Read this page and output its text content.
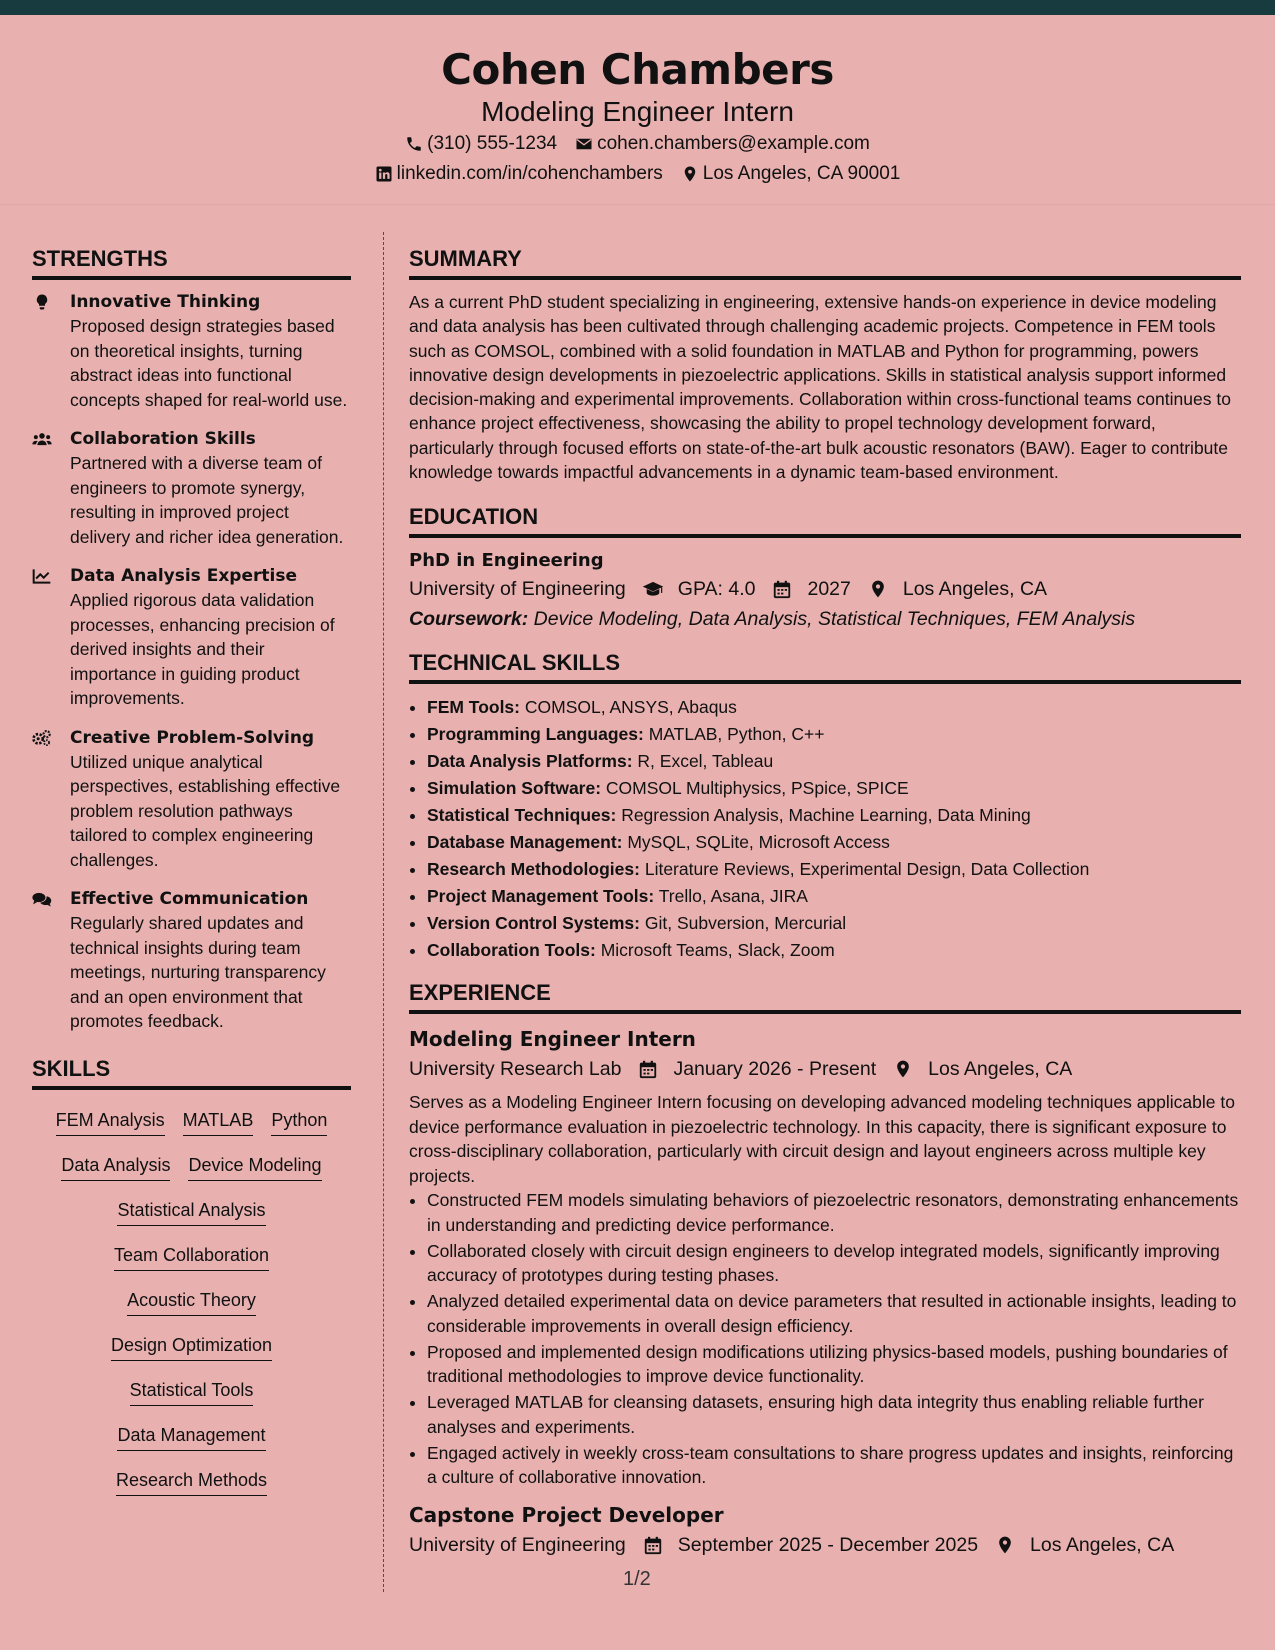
Cohen Chambers
Modeling Engineer Intern
(310) 555-1234 cohen.chambers@example.com
linkedin.com/in/cohenchambers Los Angeles, CA 90001
STRENGTHS
Innovative Thinking
Proposed design strategies based on theoretical insights, turning abstract ideas into functional concepts shaped for real-world use.
Collaboration Skills
Partnered with a diverse team of engineers to promote synergy, resulting in improved project delivery and richer idea generation.
Data Analysis Expertise
Applied rigorous data validation processes, enhancing precision of derived insights and their importance in guiding product improvements.
Creative Problem-Solving
Utilized unique analytical perspectives, establishing effective problem resolution pathways tailored to complex engineering challenges.
Effective Communication
Regularly shared updates and technical insights during team meetings, nurturing transparency and an open environment that promotes feedback.
SKILLS
FEM Analysis MATLAB Python
Data Analysis Device Modeling
Statistical Analysis
Team Collaboration
Acoustic Theory
Design Optimization
Statistical Tools
Data Management
Research Methods
SUMMARY
As a current PhD student specializing in engineering, extensive hands-on experience in device modeling and data analysis has been cultivated through challenging academic projects. Competence in FEM tools such as COMSOL, combined with a solid foundation in MATLAB and Python for programming, powers innovative design developments in piezoelectric applications. Skills in statistical analysis support informed decision-making and experimental improvements. Collaboration within cross-functional teams continues to enhance project effectiveness, showcasing the ability to propel technology development forward, particularly through focused efforts on state-of-the-art bulk acoustic resonators (BAW). Eager to contribute knowledge towards impactful advancements in a dynamic team-based environment.
EDUCATION
PhD in Engineering
University of Engineering	GPA: 4.0	2027	Los Angeles, CA
Coursework: Device Modeling, Data Analysis, Statistical Techniques, FEM Analysis
TECHNICAL SKILLS
• FEM Tools: COMSOL, ANSYS, Abaqus
• Programming Languages: MATLAB, Python, C++
• Data Analysis Platforms: R, Excel, Tableau
• Simulation Software: COMSOL Multiphysics, PSpice, SPICE
• Statistical Techniques: Regression Analysis, Machine Learning, Data Mining
• Database Management: MySQL, SQLite, Microsoft Access
• Research Methodologies: Literature Reviews, Experimental Design, Data Collection
• Project Management Tools: Trello, Asana, JIRA
• Version Control Systems: Git, Subversion, Mercurial
• Collaboration Tools: Microsoft Teams, Slack, Zoom
EXPERIENCE
Modeling Engineer Intern
University Research Lab	January 2026 - Present	Los Angeles, CA
Serves as a Modeling Engineer Intern focusing on developing advanced modeling techniques applicable to device performance evaluation in piezoelectric technology. In this capacity, there is significant exposure to cross-disciplinary collaboration, particularly with circuit design and layout engineers across multiple key projects.
• Constructed FEM models simulating behaviors of piezoelectric resonators, demonstrating enhancements in understanding and predicting device performance.
• Collaborated closely with circuit design engineers to develop integrated models, significantly improving accuracy of prototypes during testing phases.
• Analyzed detailed experimental data on device parameters that resulted in actionable insights, leading to considerable improvements in overall design efficiency.
• Proposed and implemented design modifications utilizing physics-based models, pushing boundaries of traditional methodologies to improve device functionality.
• Leveraged MATLAB for cleansing datasets, ensuring high data integrity thus enabling reliable further analyses and experiments.
• Engaged actively in weekly cross-team consultations to share progress updates and insights, reinforcing a culture of collaborative innovation.
Capstone Project Developer
University of Engineering	September 2025 - December 2025	Los Angeles, CA
1/2
